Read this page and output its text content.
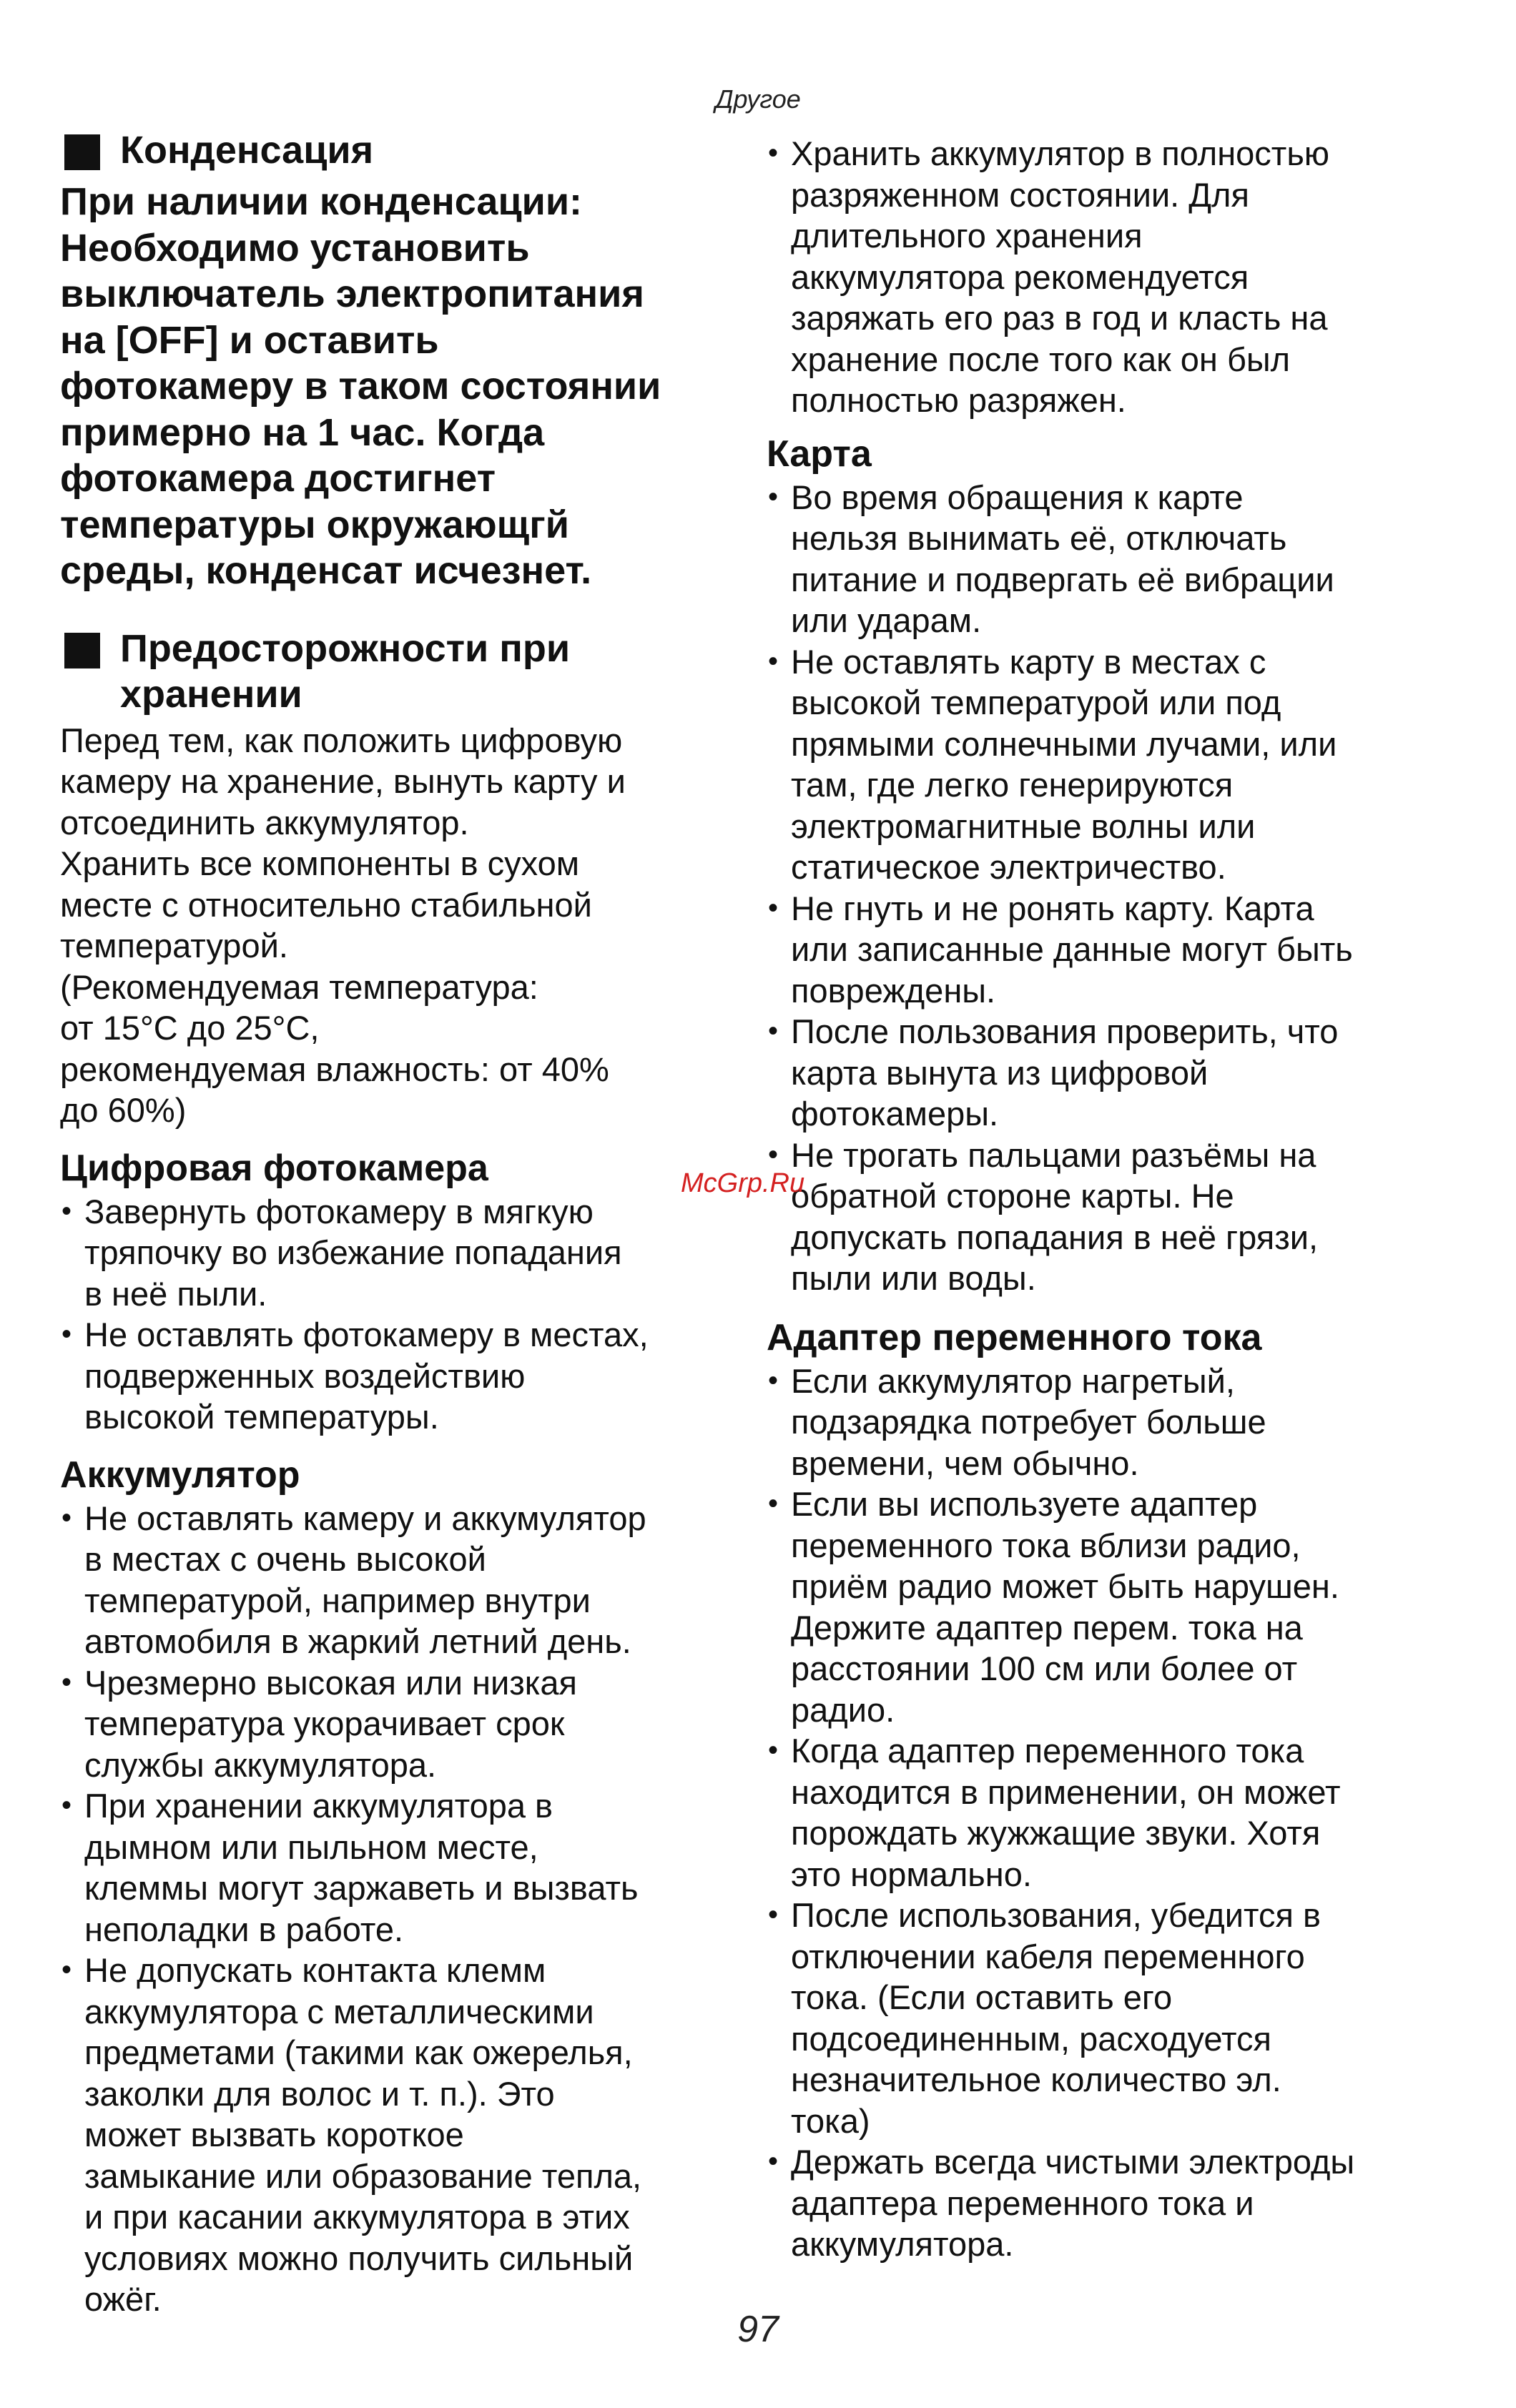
Другое
Конденсация

При наличии конденсации:
Необходимо установить
выключатель электропитания
на [OFF] и оставить
фотокамеру в таком состоянии
примерно на 1 час. Когда
фотокамера достигнет
температуры окружающгй
среды, конденсат исчезнет.

Предосторожности при
хранении

Перед тем, как положить цифровую
камеру на хранение, вынуть карту и
отсоединить аккумулятор.
Хранить все компоненты в сухом
месте с относительно стабильной
температурой.
(Рекомендуемая температура:
от 15°C до 25°C,
рекомендуемая влажность: от 40%
до 60%)

Цифровая фотокамера
• Завернуть фотокамеру в мягкую
тряпочку во избежание попадания
в неё пыли.
• Не оставлять фотокамеру в местах,
подверженных воздействию
высокой температуры.
Аккумулятор
• Не оставлять камеру и аккумулятор
в местах с очень высокой
температурой, например внутри
автомобиля в жаркий летний день.
• Чрезмерно высокая или низкая
температура укорачивает срок
службы аккумулятора.
• При хранении аккумулятора в
дымном или пыльном месте,
клеммы могут заржаветь и вызвать
неполадки в работе.
• Не допускать контакта клемм
аккумулятора с металлическими
предметами (такими как ожерелья,
заколки для волос и т. п.). Это
может вызвать короткое
замыкание или образование тепла,
и при касании аккумулятора в этих
условиях можно получить сильный
ожёг.
• Хранить аккумулятор в полностью
разряженном состоянии. Для
длительного хранения
аккумулятора рекомендуется
заряжать его раз в год и класть на
хранение после того как он был
полностью разряжен.
Карта
• Во время обращения к карте
нельзя вынимать её, отключать
питание и подвергать её вибрации
или ударам.
• Не оставлять карту в местах с
высокой температурой или под
прямыми солнечными лучами, или
там, где легко генерируются
электромагнитные волны или
статическое электричество.
• Не гнуть и не ронять карту. Карта
или записанные данные могут быть
повреждены.
• После пользования проверить, что
карта вынута из цифровой
фотокамеры.
• Не трогать пальцами разъёмы на
обратной стороне карты. Не
допускать попадания в неё грязи,
пыли или воды.
Адаптер переменного тока
• Если аккумулятор нагретый,
подзарядка потребует больше
времени, чем обычно.
• Если вы используете адаптер
переменного тока вблизи радио,
приём радио может быть нарушен.
Держите адаптер перем. тока на
расстоянии 100 см или более от
радио.
• Когда адаптер переменного тока
находится в применении, он может
порождать жужжащие звуки. Хотя
это нормально.
• После использования, убедится в
отключении кабеля переменного
тока. (Если оставить его
подсоединенным, расходуется
незначительное количество эл.
тока)
• Держать всегда чистыми электроды
адаптера переменного тока и
аккумулятора.
McGrp.Ru
97
